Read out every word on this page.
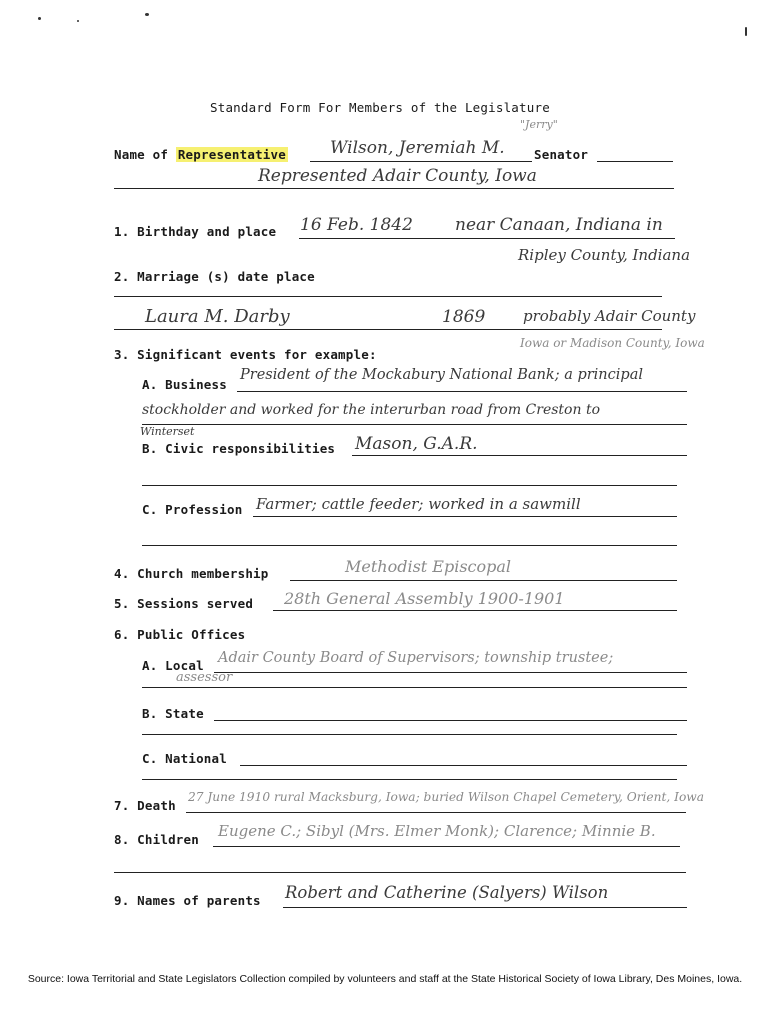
Standard Form For Members of the Legislature
"Jerry"
Name of Representative	Wilson, Jeremiah M. Senator
Represented Adair County, Iowa
1. Birthday and place 16 Feb. 1842 near Canaan, Indiana in
Ripley County, Indiana
2. Marriage (s) date place
Laura M. Darby	1869	probably Adair County
Iowa or Madison County, Iowa
3. Significant events for example:
A. Business
President of the Mockabury National Bank; a principal
stockholder and worked for the interurban road from Creston to
Winterset
B. Civic responsibilities Mason, G.A.R.
C. Profession Farmer; cattle feeder; worked in a sawmill
4. Church membership	Methodist Episcopal
5. Sessions served 28th General Assembly 1900-1901
6. Public Offices
A. Local Adair County Board of Supervisors; township trustee;
assessor
B. State
C. National
7. Death
27 June 1910 rural Macksburg, Iowa; buried Wilson Chapel Cemetery, Orient, Iowa
8. Children Eugene C.; Sibyl (Mrs. Elmer Monk); Clarence; Minnie B.
9. Names of parents Robert and Catherine (Salyers) Wilson
Source: Iowa Territorial and State Legislators Collection compiled by volunteers and staff at the State Historical Society of Iowa Library, Des Moines, Iowa.
